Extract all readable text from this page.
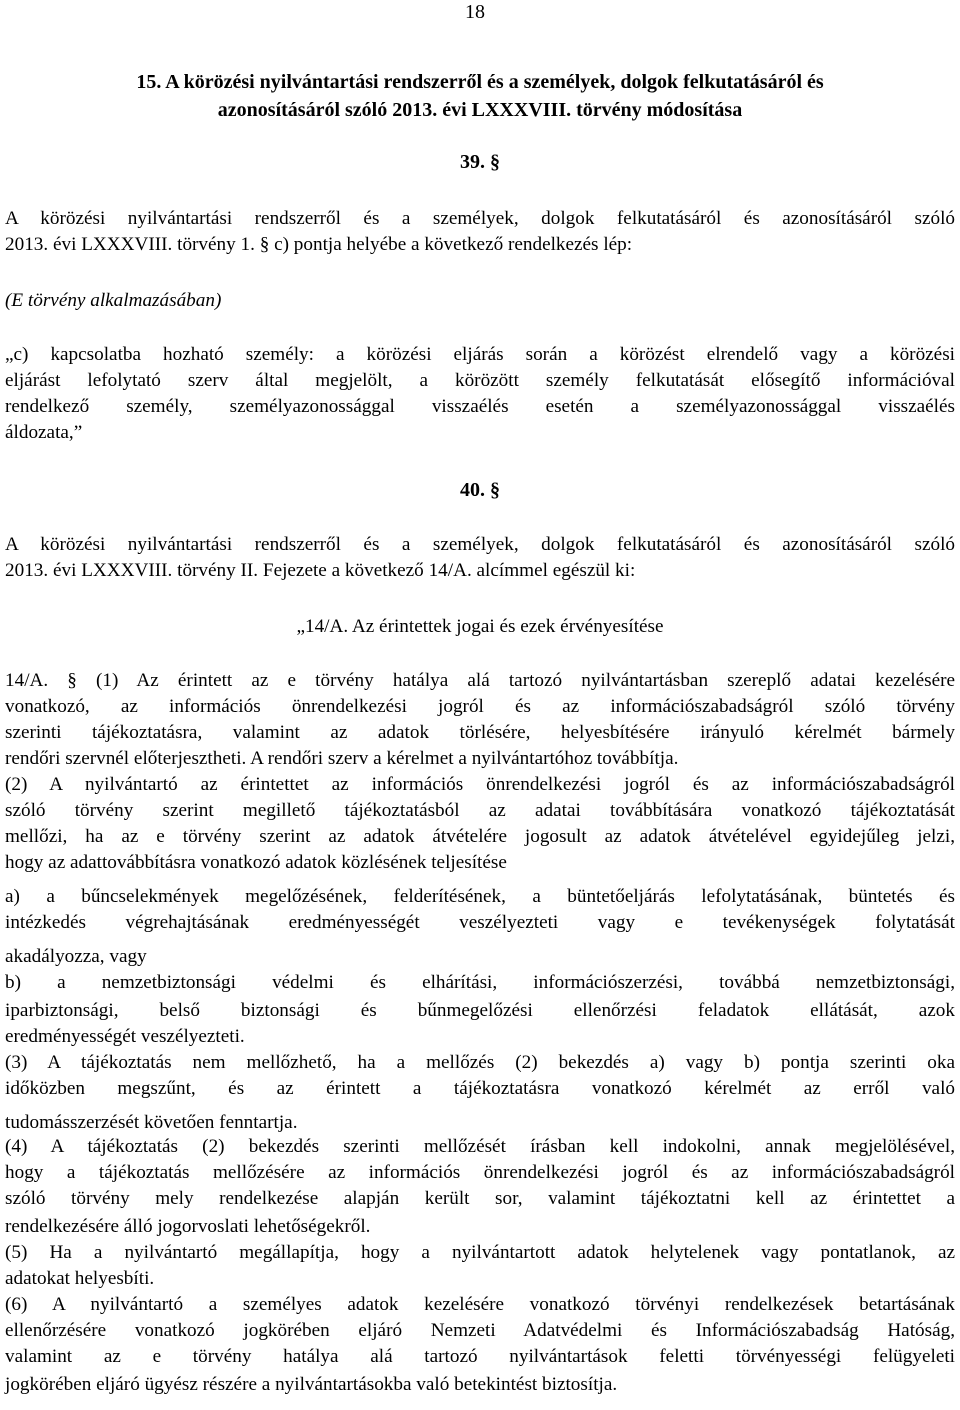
18
15. A körözési nyilvántartási rendszerről és a személyek, dolgok felkutatásáról és
azonosításáról szóló 2013. évi LXXXVIII. törvény módosítása
39. §
A körözési nyilvántartási rendszerről és a személyek, dolgok felkutatásáról és azonosításáról szóló
2013. évi LXXXVIII. törvény 1. § c) pontja helyébe a következő rendelkezés lép:
(E törvény alkalmazásában)
„c) kapcsolatba hozható személy: a körözési eljárás során a körözést elrendelő vagy a körözési
eljárást lefolytató szerv által megjelölt, a körözött személy felkutatását elősegítő információval
rendelkező személy, személyazonossággal visszaélés esetén a személyazonossággal visszaélés
áldozata,”
40. §
A körözési nyilvántartási rendszerről és a személyek, dolgok felkutatásáról és azonosításáról szóló
2013. évi LXXXVIII. törvény II. Fejezete a következő 14/A. alcímmel egészül ki:
„14/A. Az érintettek jogai és ezek érvényesítése
14/A. § (1) Az érintett az e törvény hatálya alá tartozó nyilvántartásban szereplő adatai kezelésére
vonatkozó, az információs önrendelkezési jogról és az információszabadságról szóló törvény
szerinti tájékoztatásra, valamint az adatok törlésére, helyesbítésére irányuló kérelmét bármely
rendőri szervnél előterjesztheti. A rendőri szerv a kérelmet a nyilvántartóhoz továbbítja.
(2) A nyilvántartó az érintettet az információs önrendelkezési jogról és az információszabadságról
szóló törvény szerint megillető tájékoztatásból az adatai továbbítására vonatkozó tájékoztatását
mellőzi, ha az e törvény szerint az adatok átvételére jogosult az adatok átvételével egyidejűleg jelzi,
hogy az adattovábbításra vonatkozó adatok közlésének teljesítése
a) a bűncselekmények megelőzésének, felderítésének, a büntetőeljárás lefolytatásának, büntetés és
intézkedés végrehajtásának eredményességét veszélyezteti vagy e tevékenységek folytatását
akadályozza, vagy
b) a nemzetbiztonsági védelmi és elhárítási, információszerzési, továbbá nemzetbiztonsági,
iparbiztonsági, belső biztonsági és bűnmegelőzési ellenőrzési feladatok ellátását, azok
eredményességét veszélyezteti.
(3) A tájékoztatás nem mellőzhető, ha a mellőzés (2) bekezdés a) vagy b) pontja szerinti oka
időközben megszűnt, és az érintett a tájékoztatásra vonatkozó kérelmét az erről való
tudomásszerzését követően fenntartja.
(4) A tájékoztatás (2) bekezdés szerinti mellőzését írásban kell indokolni, annak megjelölésével,
hogy a tájékoztatás mellőzésére az információs önrendelkezési jogról és az információszabadságról
szóló törvény mely rendelkezése alapján került sor, valamint tájékoztatni kell az érintettet a
rendelkezésére álló jogorvoslati lehetőségekről.
(5) Ha a nyilvántartó megállapítja, hogy a nyilvántartott adatok helytelenek vagy pontatlanok, az
adatokat helyesbíti.
(6) A nyilvántartó a személyes adatok kezelésére vonatkozó törvényi rendelkezések betartásának
ellenőrzésére vonatkozó jogkörében eljáró Nemzeti Adatvédelmi és Információszabadság Hatóság,
valamint az e törvény hatálya alá tartozó nyilvántartások feletti törvényességi felügyeleti
jogkörében eljáró ügyész részére a nyilvántartásokba való betekintést biztosítja.
